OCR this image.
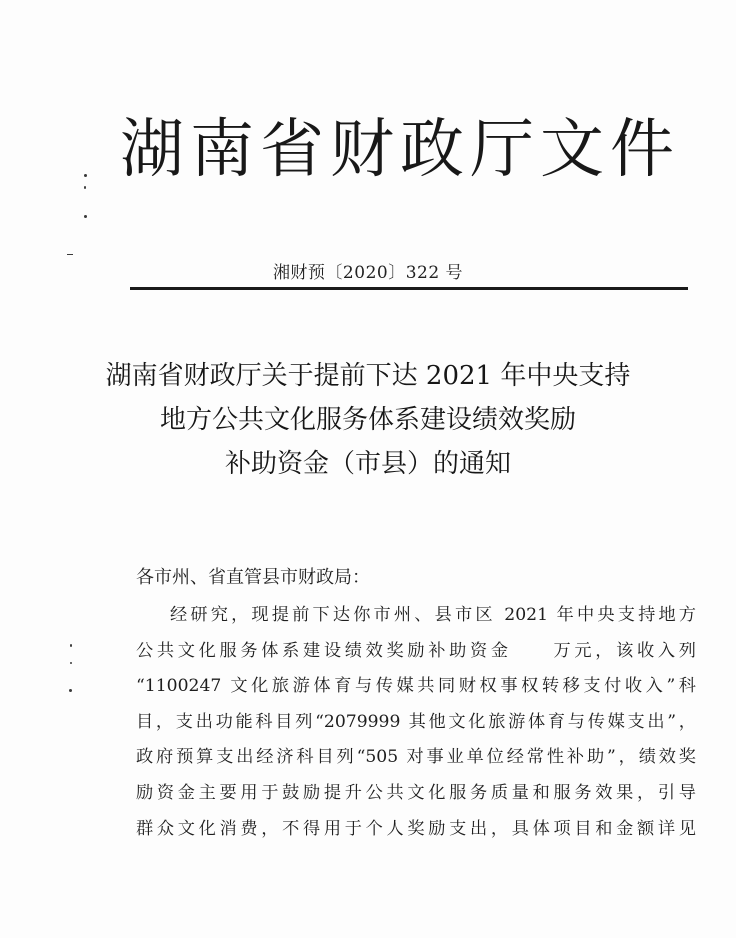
湖南省财政厅文件
湘财预〔2020〕322 号
湖南省财政厅关于提前下达 2021 年中央支持
地方公共文化服务体系建设绩效奖励
补助资金（市县）的通知
各市州、省直管县市财政局：
经研究，现提前下达你市州、县市区 2021 年中央支持地方
公共文化服务体系建设绩效奖励补助资金　　万元，该收入列
“1100247 文化旅游体育与传媒共同财权事权转移支付收入”科
目，支出功能科目列“2079999 其他文化旅游体育与传媒支出”，
政府预算支出经济科目列“505 对事业单位经常性补助”，绩效奖
励资金主要用于鼓励提升公共文化服务质量和服务效果，引导
群众文化消费，不得用于个人奖励支出，具体项目和金额详见
